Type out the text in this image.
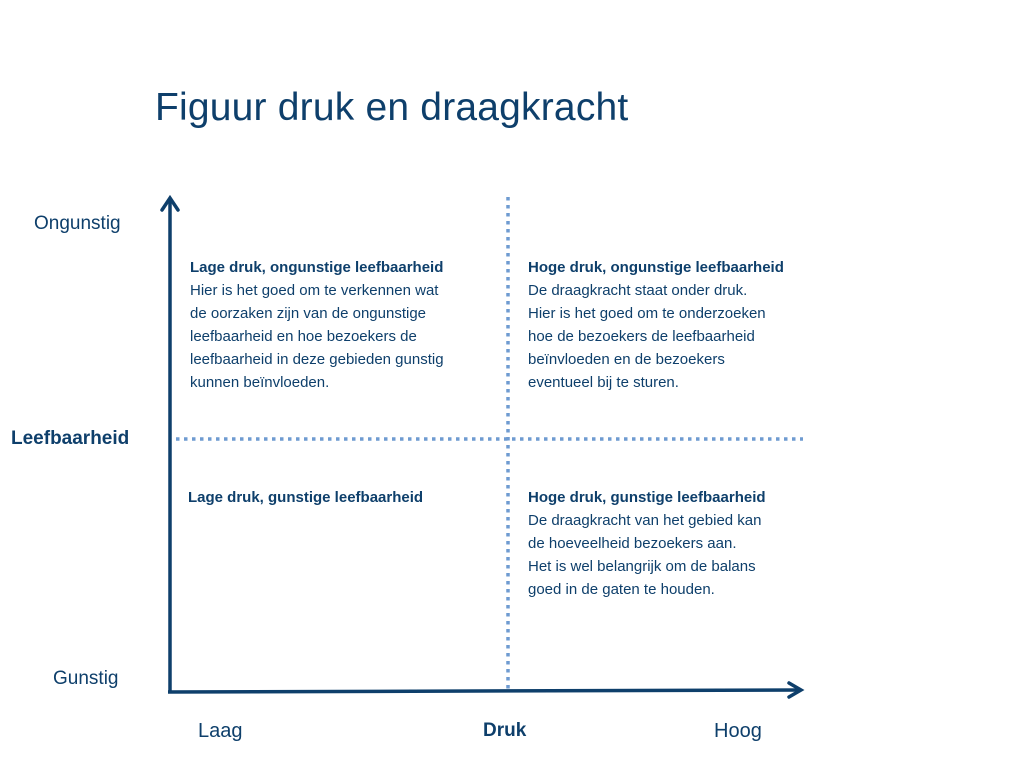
Figuur druk en draagkracht
Ongunstig
Leefbaarheid
Gunstig
Laag	Druk	Hoog
Lage druk, ongunstige leefbaarheid
Hier is het goed om te verkennen wat
de oorzaken zijn van de ongunstige
leefbaarheid en hoe bezoekers de
leefbaarheid in deze gebieden gunstig
kunnen beïnvloeden.
Hoge druk, ongunstige leefbaarheid
De draagkracht staat onder druk.
Hier is het goed om te onderzoeken
hoe de bezoekers de leefbaarheid
beïnvloeden en de bezoekers
eventueel bij te sturen.
Lage druk, gunstige leefbaarheid	Hoge druk, gunstige leefbaarheid
De draagkracht van het gebied kan
de hoeveelheid bezoekers aan.
Het is wel belangrijk om de balans
goed in de gaten te houden.
